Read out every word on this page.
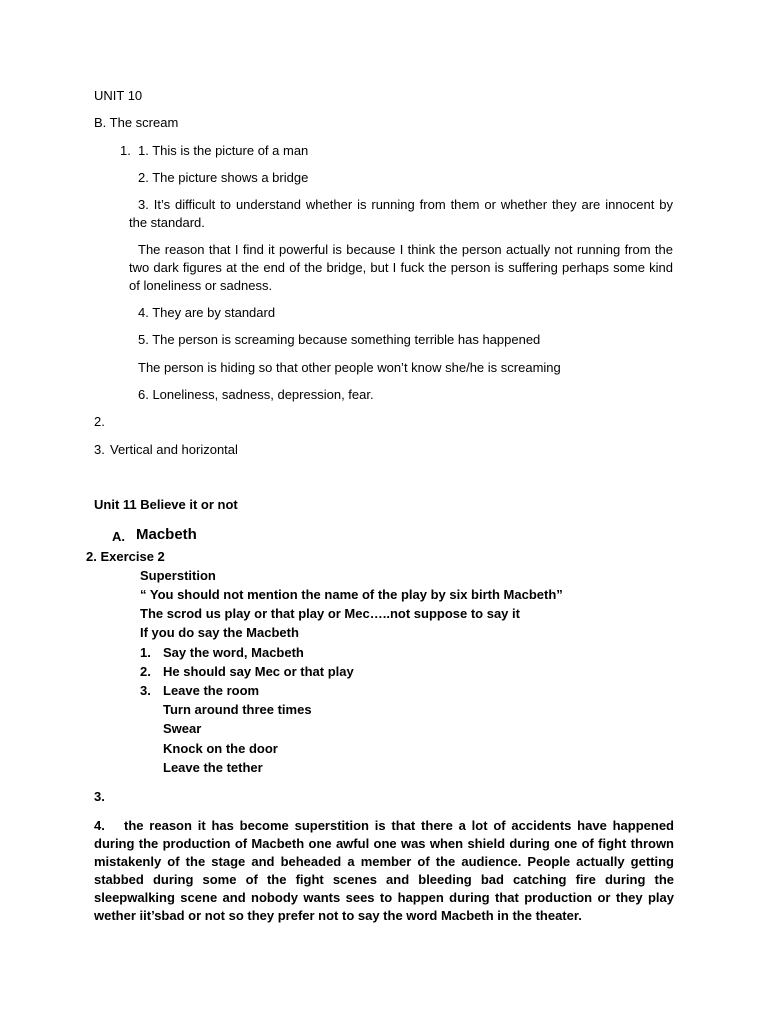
UNIT 10
B. The scream
1. 1. This is the picture of a man
2. The picture shows a bridge
3. It’s difficult to understand whether is running from them or whether they are innocent by the standard.
The reason that I find it powerful is because I think the person actually not running from the two dark figures at the end of the bridge, but I fuck the person is suffering perhaps some kind of loneliness or sadness.
4. They are by standard
5. The person is screaming because something terrible has happened
The person is hiding so that other people won’t know she/he is screaming
6. Loneliness, sadness, depression, fear.
2.
3. Vertical and horizontal
Unit 11 Believe it or not
A. Macbeth
2. Exercise 2
Superstition
“ You should not mention the name of the play by six birth Macbeth”
The scrod us play or that play or Mec…..not suppose to say it
If you do say the Macbeth
1. Say the word, Macbeth
2. He should say Mec or that play
3. Leave the room
Turn around three times
Swear
Knock on the door
Leave the tether
3.
4.	the reason it has become superstition is that there a lot of accidents have happened during the production of Macbeth one awful one was when shield during one of fight thrown mistakenly of the stage and beheaded a member of the audience. People actually getting stabbed during some of the fight scenes and bleeding bad catching fire during the sleepwalking scene and nobody wants sees to happen during that production or they play wether iit’sbad or not so they prefer not to say the word Macbeth in the theater.
